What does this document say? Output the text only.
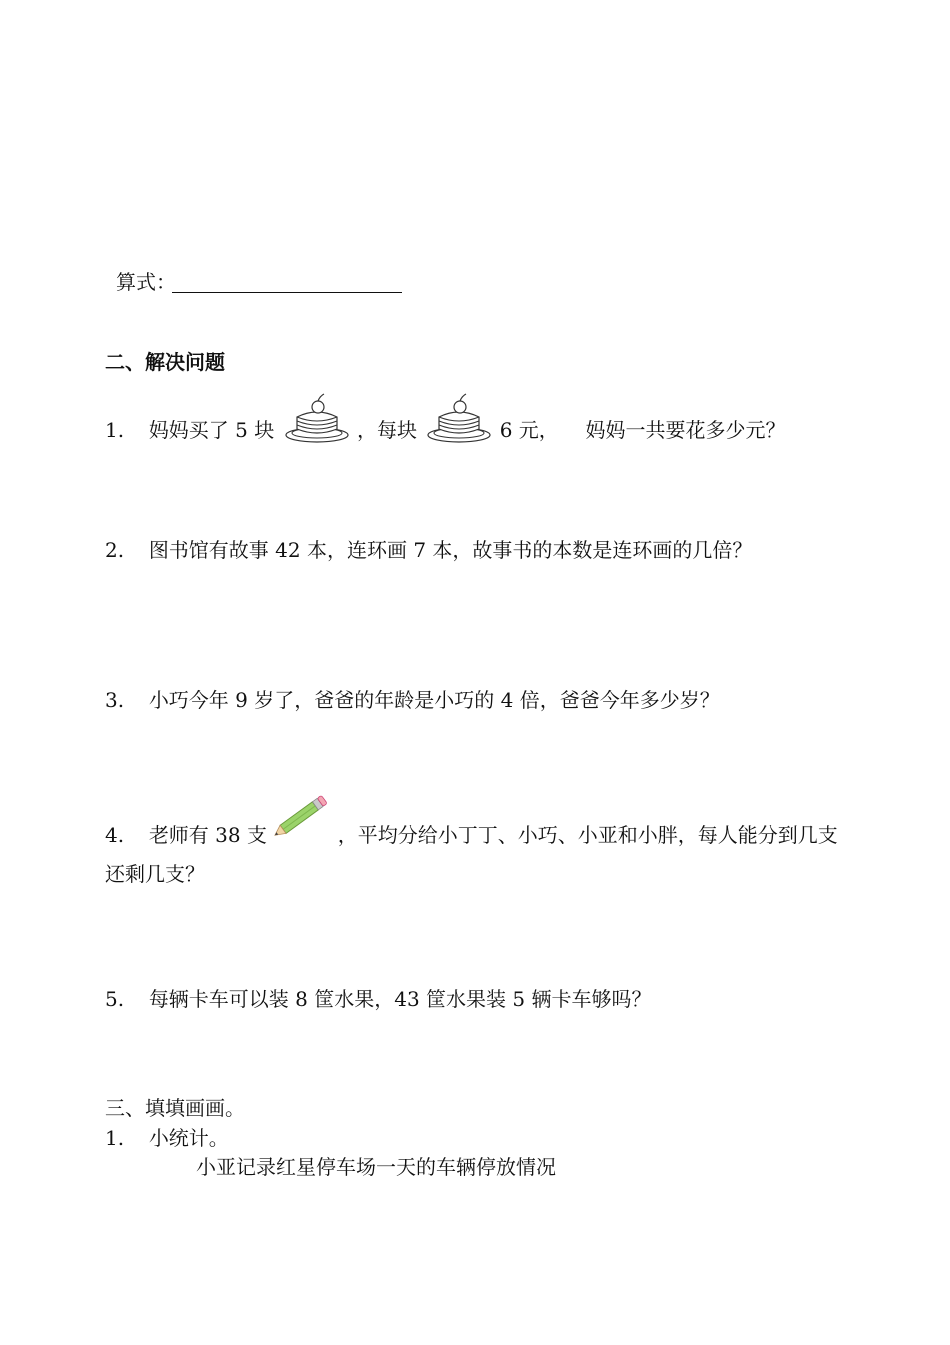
算式：
二、解决问题
1. 妈妈买了 5 块	，每块	6 元， 妈妈一共要花多少元？
2. 图书馆有故事 42 本，连环画 7 本，故事书的本数是连环画的几倍？
3. 小巧今年 9 岁了，爸爸的年龄是小巧的 4 倍，爸爸今年多少岁？
4. 老师有 38 支	，平均分给小丁丁、小巧、小亚和小胖，每人能分到几支
还剩几支？
5. 每辆卡车可以装 8 筐水果，43 筐水果装 5 辆卡车够吗？
三、填填画画。
1. 小统计。
小亚记录红星停车场一天的车辆停放情况
